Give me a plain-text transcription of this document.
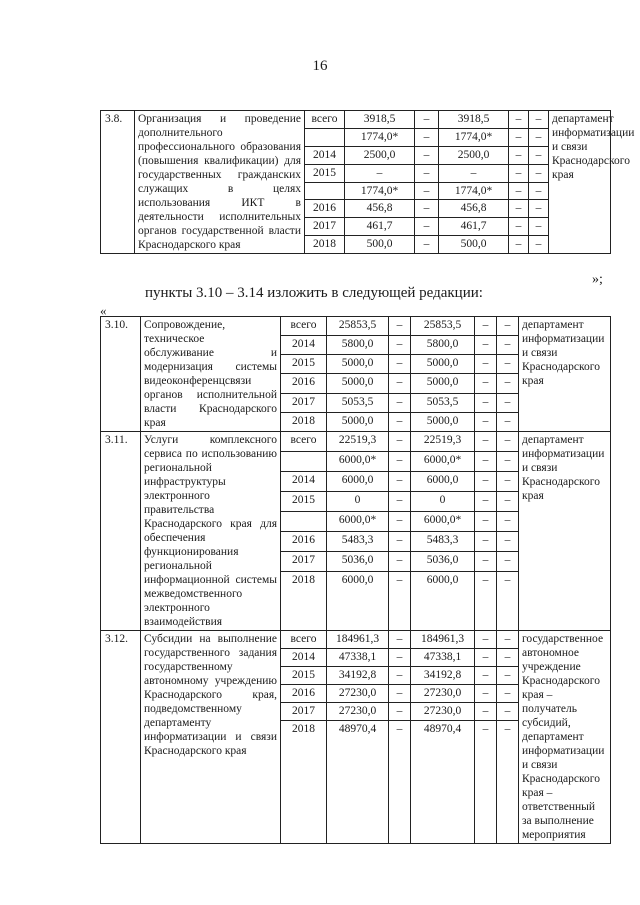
16
3.8.	Организация и проведение дополнительного профессионального образования (повышения квалификации) для государственных гражданских служащих в целях использования ИКТ в деятельности исполнительных органов государственной власти Краснодарского края	всего	3918,5	–	3918,5	–	–	департамент информатизации и связи Краснодарского края
			1774,0*	–	1774,0*	–	–	
		2014	2500,0	–	2500,0	–	–	
		2015	–	–	–	–	–	
			1774,0*	–	1774,0*	–	–	
		2016	456,8	–	456,8	–	–	
		2017	461,7	–	461,7	–	–	
		2018	500,0	–	500,0	–	–	
»;
пункты 3.10 – 3.14 изложить в следующей редакции:
«
3.10.	Сопровождение, техническое обслуживание и модернизация системы видеоконференцсвязи органов исполнительной власти Краснодарского края	всего	25853,5	–	25853,5	–	–	департамент информатизации и связи Краснодарского края
		2014	5800,0	–	5800,0	–	–	
		2015	5000,0	–	5000,0	–	–	
		2016	5000,0	–	5000,0	–	–	
		2017	5053,5	–	5053,5	–	–	
		2018	5000,0	–	5000,0	–	–	
3.11.	Услуги комплексного сервиса по использованию региональной инфраструктуры электронного правительства Краснодарского края для обеспечения функционирования региональной информационной системы межведомственного электронного взаимодействия	всего	22519,3	–	22519,3	–	–	департамент информатизации и связи Краснодарского края
			6000,0*	–	6000,0*	–	–	
		2014	6000,0	–	6000,0	–	–	
		2015	0	–	0	–	–	
			6000,0*	–	6000,0*	–	–	
		2016	5483,3	–	5483,3	–	–	
		2017	5036,0	–	5036,0	–	–	
		2018	6000,0	–	6000,0	–	–	
3.12.	Субсидии на выполнение государственного задания государственному автономному учреждению Краснодарского края, подведомственному департаменту информатизации и связи Краснодарского края	всего	184961,3	–	184961,3	–	–	государственное автономное учреждение Краснодарского края – получатель субсидий, департамент информатизации и связи Краснодарского края – ответственный за выполнение мероприятия
		2014	47338,1	–	47338,1	–	–	
		2015	34192,8	–	34192,8	–	–	
		2016	27230,0	–	27230,0	–	–	
		2017	27230,0	–	27230,0	–	–	
		2018	48970,4	–	48970,4	–	–	
